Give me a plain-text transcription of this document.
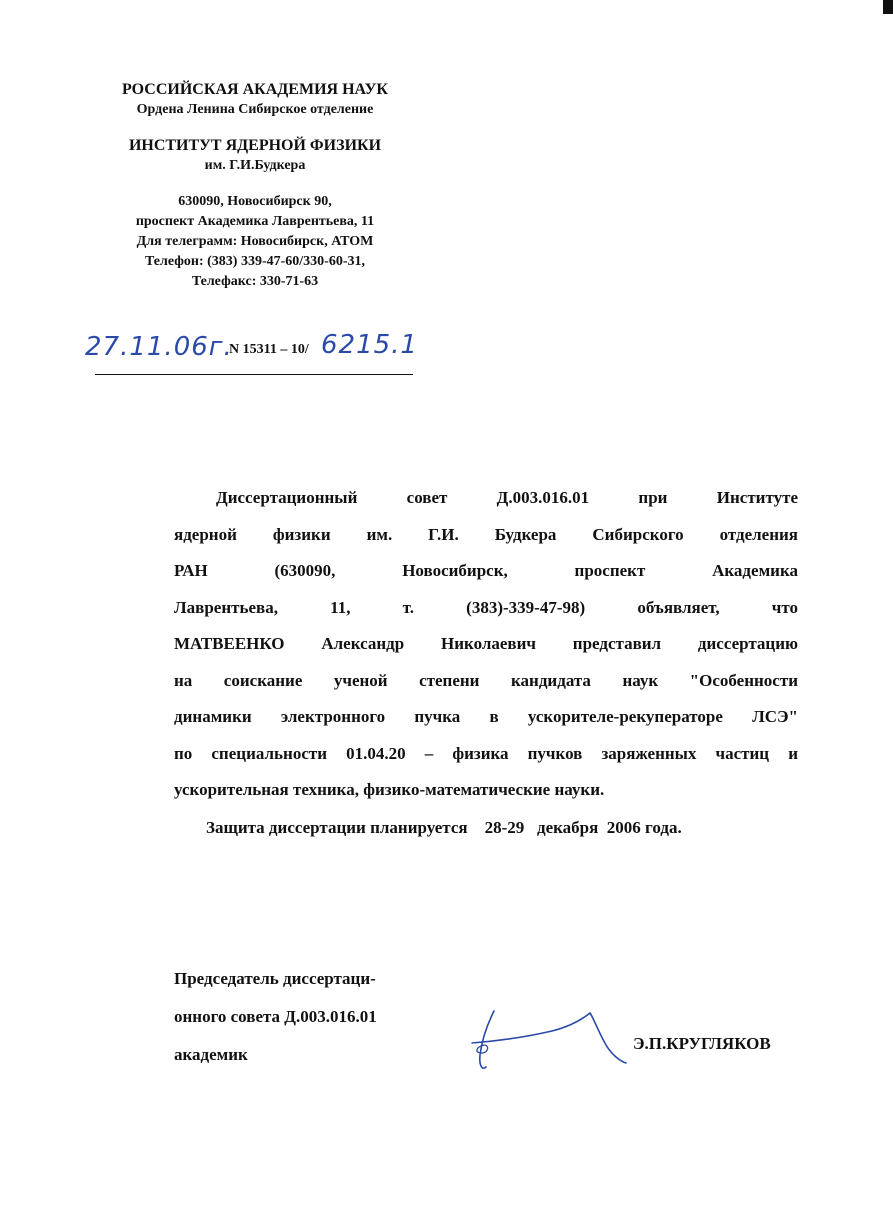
РОССИЙСКАЯ АКАДЕМИЯ НАУК
Ордена Ленина Сибирское отделение
ИНСТИТУТ ЯДЕРНОЙ ФИЗИКИ
им. Г.И.Будкера
630090, Новосибирск 90,
проспект Академика Лаврентьева, 11
Для телеграмм: Новосибирск, АТОМ
Телефон: (383) 339-47-60/330-60-31,
Телефакс: 330-71-63
27.11.06г.
N 15311 – 10/ 6215.1
Диссертационный совет Д.003.016.01 при Институте
ядерной физики им. Г.И. Будкера Сибирского отделения
РАН (630090, Новосибирск, проспект Академика
Лаврентьева, 11, т. (383)-339-47-98) объявляет, что
МАТВЕЕНКО Александр Николаевич представил диссертацию
на соискание ученой степени кандидата наук "Особенности
динамики электронного пучка в ускорителе-рекуператоре ЛСЭ"
по специальности 01.04.20 – физика пучков заряженных частиц и
ускорительная техника, физико-математические науки.
Защита диссертации планируется    28-29   декабря  2006 года.
Председатель диссертаци-
онного совета Д.003.016.01
академик
Э.П.КРУГЛЯКОВ
